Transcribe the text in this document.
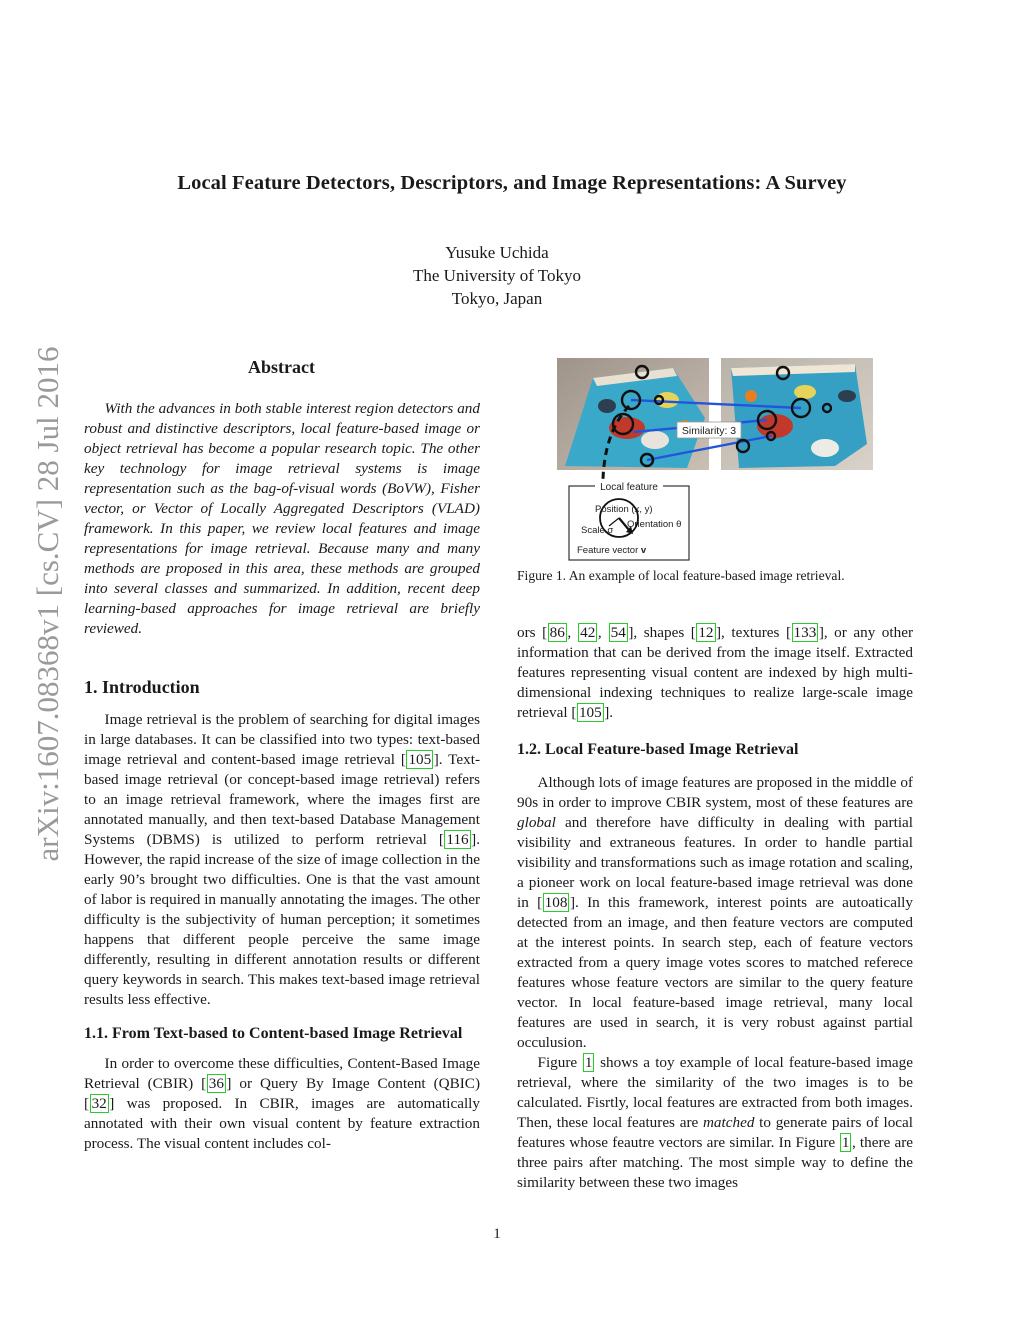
Local Feature Detectors, Descriptors, and Image Representations: A Survey
Yusuke Uchida
The University of Tokyo
Tokyo, Japan
arXiv:1607.08368v1 [cs.CV] 28 Jul 2016	Abstract

With the advances in both stable interest region detectors and robust and distinctive descriptors, local feature-based image or object retrieval has become a popular research topic. The other key technology for image retrieval systems is image representation such as the bag-of-visual words (BoVW), Fisher vector, or Vector of Locally Aggregated Descriptors (VLAD) framework. In this paper, we review local features and image representations for image retrieval. Because many and many methods are proposed in this area, these methods are grouped into several classes and summarized. In addition, recent deep learning-based approaches for image retrieval are briefly reviewed.

1. Introduction

Image retrieval is the problem of searching for digital images in large databases. It can be classified into two types: text-based image retrieval and content-based image retrieval [ 105 ]. Text-based image retrieval (or concept-based image retrieval) refers to an image retrieval framework, where the images first are annotated manually, and then text-based Database Management Systems (DBMS) is utilized to perform retrieval [ 116 ]. However, the rapid increase of the size of image collection in the early 90’s brought two difficulties. One is that the vast amount of labor is required in manually annotating the images. The other difficulty is the subjectivity of human perception; it sometimes happens that different people perceive the same image differently, resulting in different annotation results or different query keywords in search. This makes text-based image retrieval results less effective.

1.1. From Text-based to Content-based Image Retrieval

In order to overcome these difficulties, Content-Based Image Retrieval (CBIR) [ 36 ] or Query By Image Content (QBIC) [ 32 ] was proposed. In CBIR, images are automatically annotated with their own visual content by feature extraction process. The visual content includes col-

Similarity: 3
Local feature
Position (x, y)
Orientation θ
Scale σ
Feature vector v
Figure 1. An example of local feature-based image retrieval.

ors [ 86 , 42 , 54 ], shapes [ 12 ], textures [ 133 ], or any other information that can be derived from the image itself. Extracted features representing visual content are indexed by high multi-dimensional indexing techniques to realize large-scale image retrieval [ 105 ].

1.2. Local Feature-based Image Retrieval

Although lots of image features are proposed in the middle of 90s in order to improve CBIR system, most of these features are global and therefore have difficulty in dealing with partial visibility and extraneous features. In order to handle partial visibility and transformations such as image rotation and scaling, a pioneer work on local feature-based image retrieval was done in [ 108 ]. In this framework, interest points are autoatically detected from an image, and then feature vectors are computed at the interest points. In search step, each of feature vectors extracted from a query image votes scores to matched referece features whose feature vectors are similar to the query feature vector. In local feature-based image retrieval, many local features are used in search, it is very robust against partial occulusion.

Figure 1 shows a toy example of local feature-based image retrieval, where the similarity of the two images is to be calculated. Fisrtly, local features are extracted from both images. Then, these local features are matched to generate pairs of local features whose feautre vectors are similar. In Figure 1 , there are three pairs after matching. The most simple way to define the similarity between these two images

1
